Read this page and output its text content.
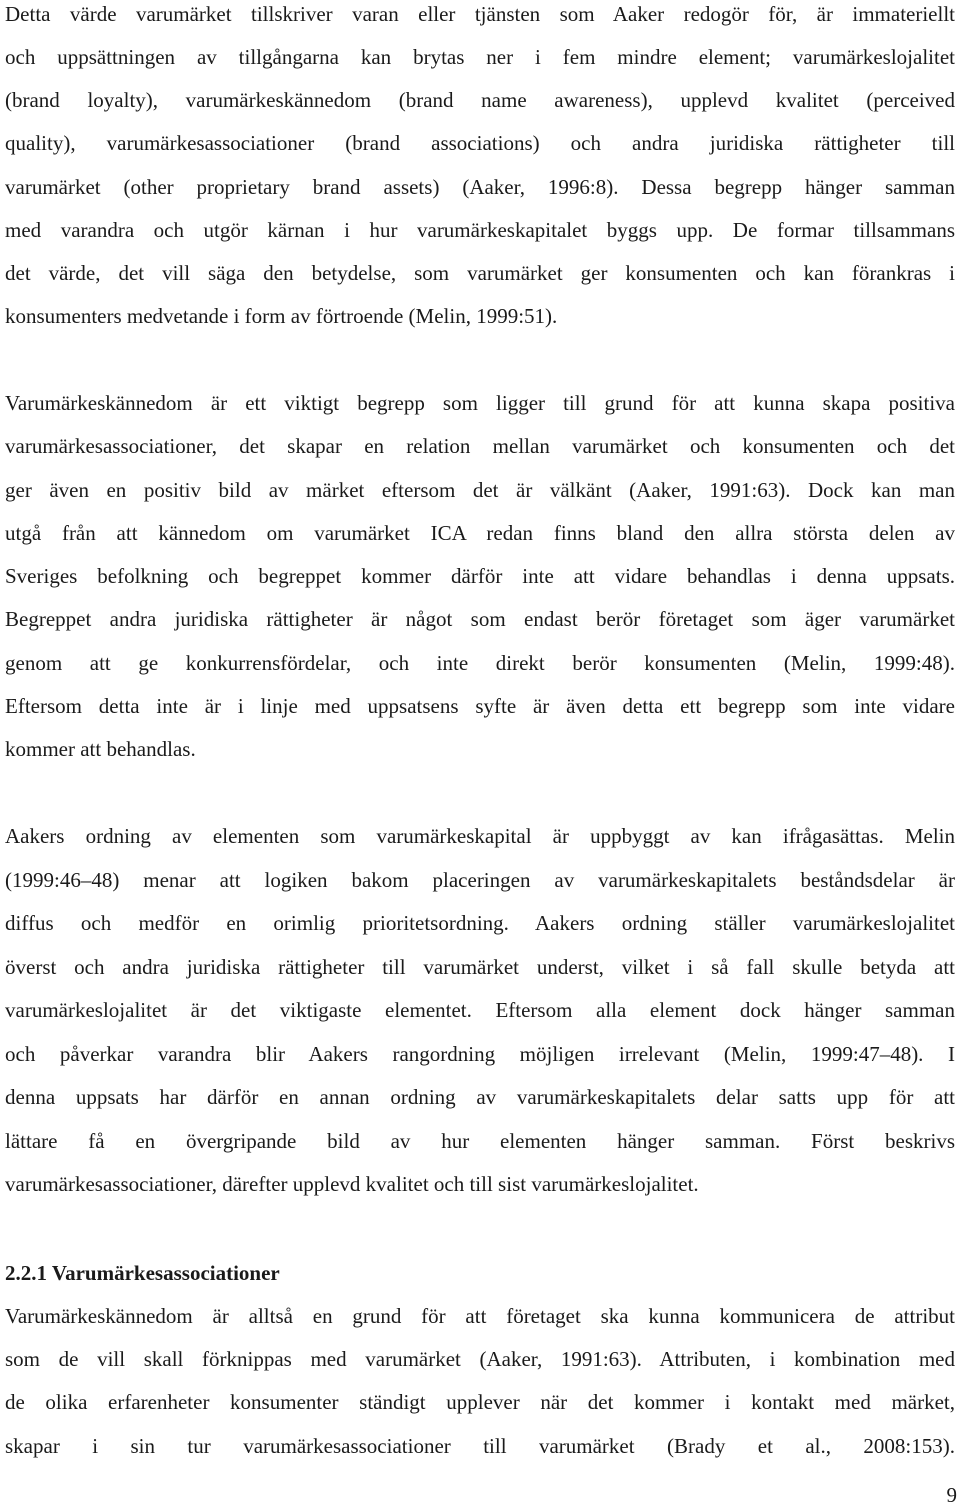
Detta värde varumärket tillskriver varan eller tjänsten som Aaker redogör för, är immateriellt
och uppsättningen av tillgångarna kan brytas ner i fem mindre element; varumärkeslojalitet
(brand loyalty), varumärkeskännedom (brand name awareness), upplevd kvalitet (perceived
quality), varumärkesassociationer (brand associations) och andra juridiska rättigheter till
varumärket (other proprietary brand assets) (Aaker, 1996:8). Dessa begrepp hänger samman
med varandra och utgör kärnan i hur varumärkeskapitalet byggs upp. De formar tillsammans
det värde, det vill säga den betydelse, som varumärket ger konsumenten och kan förankras i
konsumenters medvetande i form av förtroende (Melin, 1999:51).
Varumärkeskännedom är ett viktigt begrepp som ligger till grund för att kunna skapa positiva
varumärkesassociationer, det skapar en relation mellan varumärket och konsumenten och det
ger även en positiv bild av märket eftersom det är välkänt (Aaker, 1991:63). Dock kan man
utgå från att kännedom om varumärket ICA redan finns bland den allra största delen av
Sveriges befolkning och begreppet kommer därför inte att vidare behandlas i denna uppsats.
Begreppet andra juridiska rättigheter är något som endast berör företaget som äger varumärket
genom att ge konkurrensfördelar, och inte direkt berör konsumenten (Melin, 1999:48).
Eftersom detta inte är i linje med uppsatsens syfte är även detta ett begrepp som inte vidare
kommer att behandlas.
Aakers ordning av elementen som varumärkeskapital är uppbyggt av kan ifrågasättas. Melin
(1999:46–48) menar att logiken bakom placeringen av varumärkeskapitalets beståndsdelar är
diffus och medför en orimlig prioritetsordning. Aakers ordning ställer varumärkeslojalitet
överst och andra juridiska rättigheter till varumärket underst, vilket i så fall skulle betyda att
varumärkeslojalitet är det viktigaste elementet. Eftersom alla element dock hänger samman
och påverkar varandra blir Aakers rangordning möjligen irrelevant (Melin, 1999:47–48). I
denna uppsats har därför en annan ordning av varumärkeskapitalets delar satts upp för att
lättare få en övergripande bild av hur elementen hänger samman. Först beskrivs
varumärkesassociationer, därefter upplevd kvalitet och till sist varumärkeslojalitet.
2.2.1 Varumärkesassociationer
Varumärkeskännedom är alltså en grund för att företaget ska kunna kommunicera de attribut
som de vill skall förknippas med varumärket (Aaker, 1991:63). Attributen, i kombination med
de olika erfarenheter konsumenter ständigt upplever när det kommer i kontakt med märket,
skapar i sin tur varumärkesassociationer till varumärket (Brady et al., 2008:153).
9
